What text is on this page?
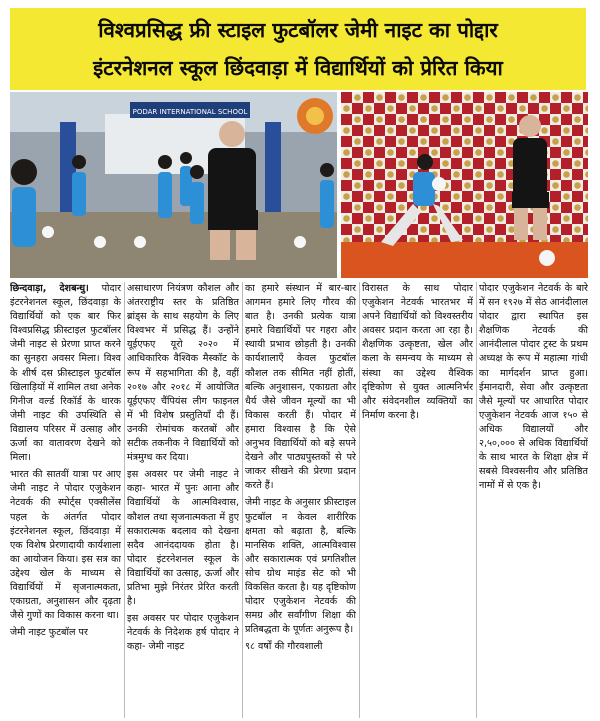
विश्वप्रसिद्ध फ्री स्टाइल फुटबॉलर जेमी नाइट का पोद्दार
इंटरनेशनल स्कूल छिंदवाड़ा में विद्यार्थियों को प्रेरित किया
PODAR INTERNATIONAL SCHOOL

छिन्दवाड़ा, देशबन्धु। पोदार इंटरनेशनल स्कूल, छिंदवाड़ा के विद्यार्थियों को एक बार फिर विश्वप्रसिद्ध फ्रीस्टाइल फुटबॉलर जेमी नाइट से प्रेरणा प्राप्त करने का सुनहरा अवसर मिला। विश्व के शीर्ष दस फ्रीस्टाइल फुटबॉल खिलाड़ियों में शामिल तथा अनेक गिनीज वर्ल्ड रिकॉर्ड के धारक जेमी नाइट की उपस्थिति से विद्यालय परिसर में उत्साह और ऊर्जा का वातावरण देखने को मिला।

भारत की सातवीं यात्रा पर आए जेमी नाइट ने पोदार एजुकेशन नेटवर्क की स्पोर्ट्स एक्सीलेंस पहल के अंतर्गत पोदार इंटरनेशनल स्कूल, छिंदवाड़ा में एक विशेष प्रेरणादायी कार्यशाला का आयोजन किया। इस सत्र का उद्देश्य खेल के माध्यम से विद्यार्थियों में सृजनात्मकता, एकाग्रता, अनुशासन और दृढ़ता जैसे गुणों का विकास करना था।

जेमी नाइट फुटबॉल पर

असाधारण नियंत्रण कौशल और अंतरराष्ट्रीय स्तर के प्रतिष्ठित ब्रांड्स के साथ सहयोग के लिए विश्वभर में प्रसिद्ध हैं। उन्होंने यूईएफए यूरो २०२० में आधिकारिक वैश्विक मैस्कॉट के रूप में सहभागिता की है, वहीं २०१७ और २०१८ में आयोजित यूईएफए चैंपियंस लीग फाइनल में भी विशेष प्रस्तुतियाँ दी हैं। उनकी रोमांचक करतबों और सटीक तकनीक ने विद्यार्थियों को मंत्रमुग्ध कर दिया।

इस अवसर पर जेमी नाइट ने कहा- भारत में पुनः आना और विद्यार्थियों के आत्मविश्वास, कौशल तथा सृजनात्मकता में हुए सकारात्मक बदलाव को देखना सदैव आनंददायक होता है। पोदार इंटरनेशनल स्कूल के विद्यार्थियों का उत्साह, ऊर्जा और प्रतिभा मुझे निरंतर प्रेरित करती है।

इस अवसर पर पोदार एजुकेशन नेटवर्क के निदेशक हर्ष पोदार ने कहा- जेमी नाइट

का हमारे संस्थान में बार-बार आगमन हमारे लिए गौरव की बात है। उनकी प्रत्येक यात्रा हमारे विद्यार्थियों पर गहरा और स्थायी प्रभाव छोड़ती है। उनकी कार्यशालाएँ केवल फुटबॉल कौशल तक सीमित नहीं होतीं, बल्कि अनुशासन, एकाग्रता और धैर्य जैसे जीवन मूल्यों का भी विकास करती हैं। पोदार में हमारा विश्वास है कि ऐसे अनुभव विद्यार्थियों को बड़े सपने देखने और पाठ्यपुस्तकों से परे जाकर सीखने की प्रेरणा प्रदान करते हैं।

जेमी नाइट के अनुसार फ्रीस्टाइल फुटबॉल न केवल शारीरिक क्षमता को बढ़ाता है, बल्कि मानसिक शक्ति, आत्मविश्वास और सकारात्मक एवं प्रगतिशील सोच ग्रोथ माइंड सेट को भी विकसित करता है। यह दृष्टिकोण पोदार एजुकेशन नेटवर्क की समग्र और सर्वांगीण शिक्षा की प्रतिबद्धता के पूर्णतः अनुरूप है।

९८ वर्षों की गौरवशाली

विरासत के साथ पोदार एजुकेशन नेटवर्क भारतभर में अपने विद्यार्थियों को विश्वस्तरीय अवसर प्रदान करता आ रहा है। शैक्षणिक उत्कृष्टता, खेल और कला के समन्वय के माध्यम से संस्था का उद्देश्य वैश्विक दृष्टिकोण से युक्त आत्मनिर्भर और संवेदनशील व्यक्तियों का निर्माण करना है।

पोदार एजुकेशन नेटवर्क के बारे में सन १९२७ में सेठ आनंदीलाल पोदार द्वारा स्थापित इस शैक्षणिक नेटवर्क की आनंदीलाल पोदार ट्रस्ट के प्रथम अध्यक्ष के रूप में महात्मा गांधी का मार्गदर्शन प्राप्त हुआ। ईमानदारी, सेवा और उत्कृष्टता जैसे मूल्यों पर आधारित पोदार एजुकेशन नेटवर्क आज १५० से अधिक विद्यालयों और २,५०,००० से अधिक विद्यार्थियों के साथ भारत के शिक्षा क्षेत्र में सबसे विश्वसनीय और प्रतिष्ठित नामों में से एक है।
